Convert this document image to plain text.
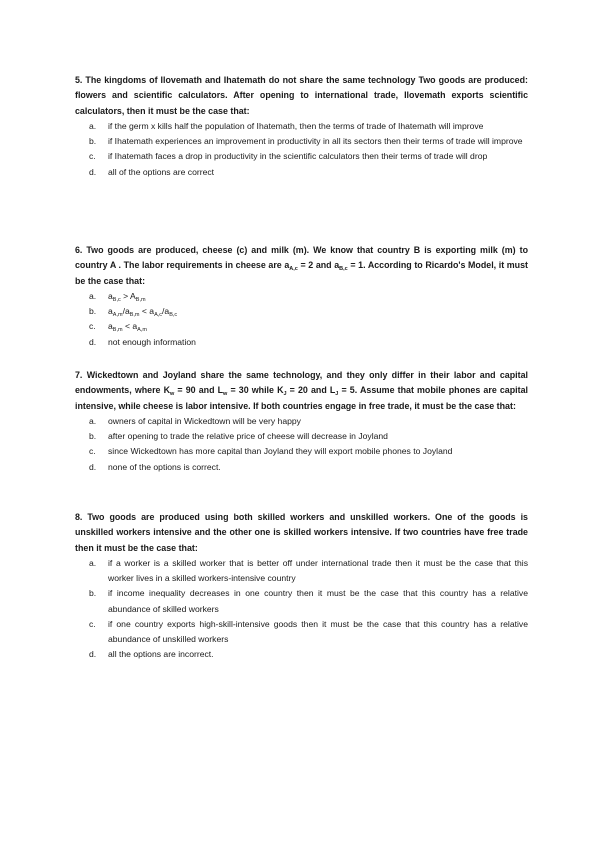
5. The kingdoms of Ilovemath and Ihatemath do not share the same technology Two goods are produced: flowers and scientific calculators. After opening to international trade, Ilovemath exports scientific calculators, then it must be the case that:

a. if the germ x kills half the population of Ihatemath, then the terms of trade of Ihatemath will improve
b. if Ihatemath experiences an improvement in productivity in all its sectors then their terms of trade will improve
c. if Ihatemath faces a drop in productivity in the scientific calculators then their terms of trade will drop
d. all of the options are correct

6. Two goods are produced, cheese (c) and milk (m). We know that country B is exporting milk (m) to country A . The labor requirements in cheese are $a_{A,c} = 2$ and $a_{B,c} = 1$. According to Ricardo's Model, it must be the case that:

a. $a_{B,c} > A_{B,m}$
b. $a_{A,m}/a_{B,m} < a_{A,c}/a_{B,c}$
c. $a_{B,m} < a_{A,m}$
d. not enough information

7. Wickedtown and Joyland share the same technology, and they only differ in their labor and capital endowments, where $K_w = 90$ and $L_w = 30$ while $K_J = 20$ and $L_J = 5$. Assume that mobile phones are capital intensive, while cheese is labor intensive. If both countries engage in free trade, it must be the case that:

a. owners of capital in Wickedtown will be very happy
b. after opening to trade the relative price of cheese will decrease in Joyland
c. since Wickedtown has more capital than Joyland they will export mobile phones to Joyland
d. none of the options is correct.

8. Two goods are produced using both skilled workers and unskilled workers. One of the goods is unskilled workers intensive and the other one is skilled workers intensive. If two countries have free trade then it must be the case that:

a. if a worker is a skilled worker that is better off under international trade then it must be the case that this worker lives in a skilled workers-intensive country
b. if income inequality decreases in one country then it must be the case that this country has a relative abundance of skilled workers
c. if one country exports high-skill-intensive goods then it must be the case that this country has a relative abundance of unskilled workers
d. all the options are incorrect.
